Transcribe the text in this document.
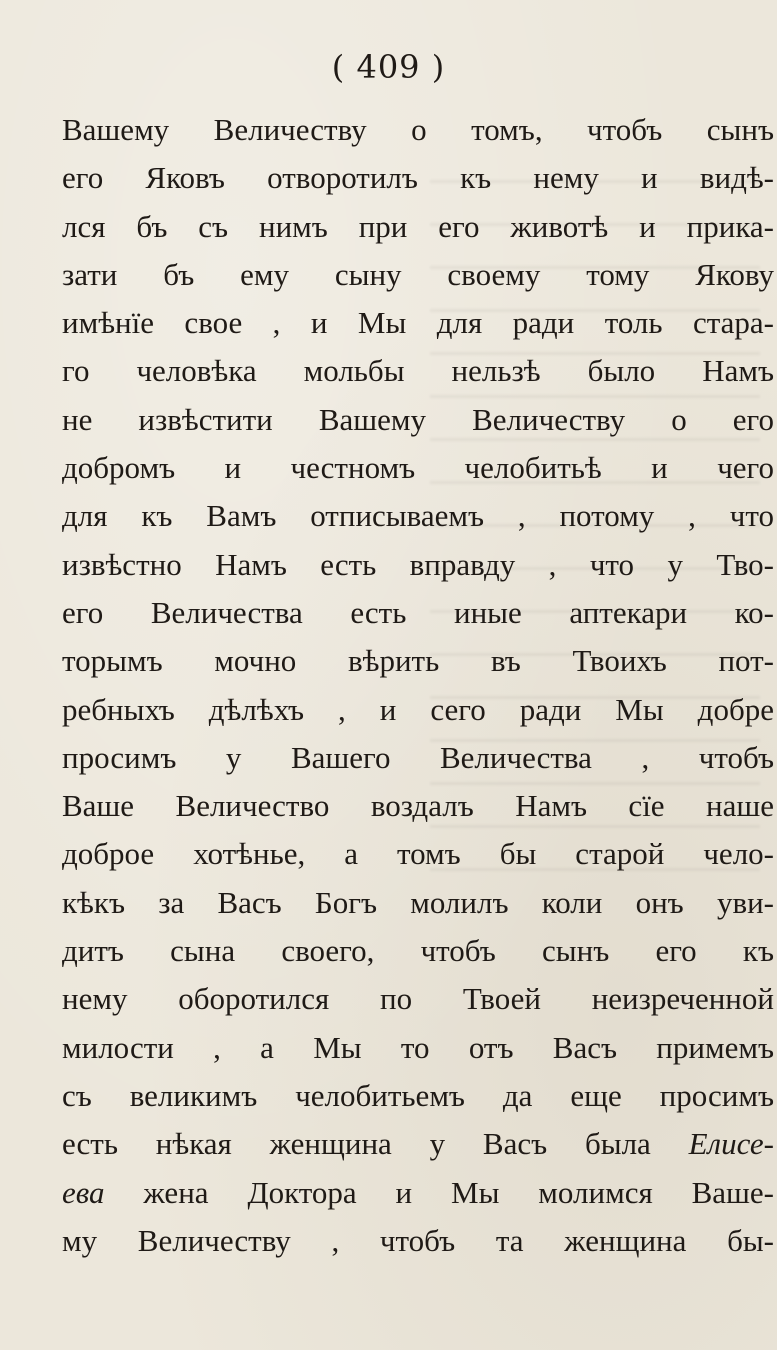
( 409 )
Вашему Величеству о томъ, чтобъ сынъ
его Яковъ отворотилъ къ нему и видѣ-
лся бъ съ нимъ при его животѣ и прика-
зати бъ ему сыну своему тому Якову
имѣнїе свое , и Мы для ради толь стара-
го человѣка мольбы нельзѣ было Намъ
не извѣстити Вашему Величеству о его
добромъ и честномъ челобитьѣ и чего
для къ Вамъ отписываемъ , потому , что
извѣстно Намъ есть вправду , что у Тво-
его Величества есть иные аптекари ко-
торымъ мочно вѣрить въ Твоихъ пот-
ребныхъ дѣлѣхъ , и сего ради Мы добре
просимъ у Вашего Величества , чтобъ
Ваше Величество воздалъ Намъ сїе наше
доброе хотѣнье, а томъ бы старой чело-
кѣкъ за Васъ Богъ молилъ коли онъ уви-
дитъ сына своего, чтобъ сынъ его къ
нему оборотился по Твоей неизреченной
милости , а Мы то отъ Васъ примемъ
съ великимъ челобитьемъ да еще просимъ
есть нѣкая женщина у Васъ была Елисе-
ева жена Доктора и Мы молимся Ваше-
му Величеству , чтобъ та женщина бы-
